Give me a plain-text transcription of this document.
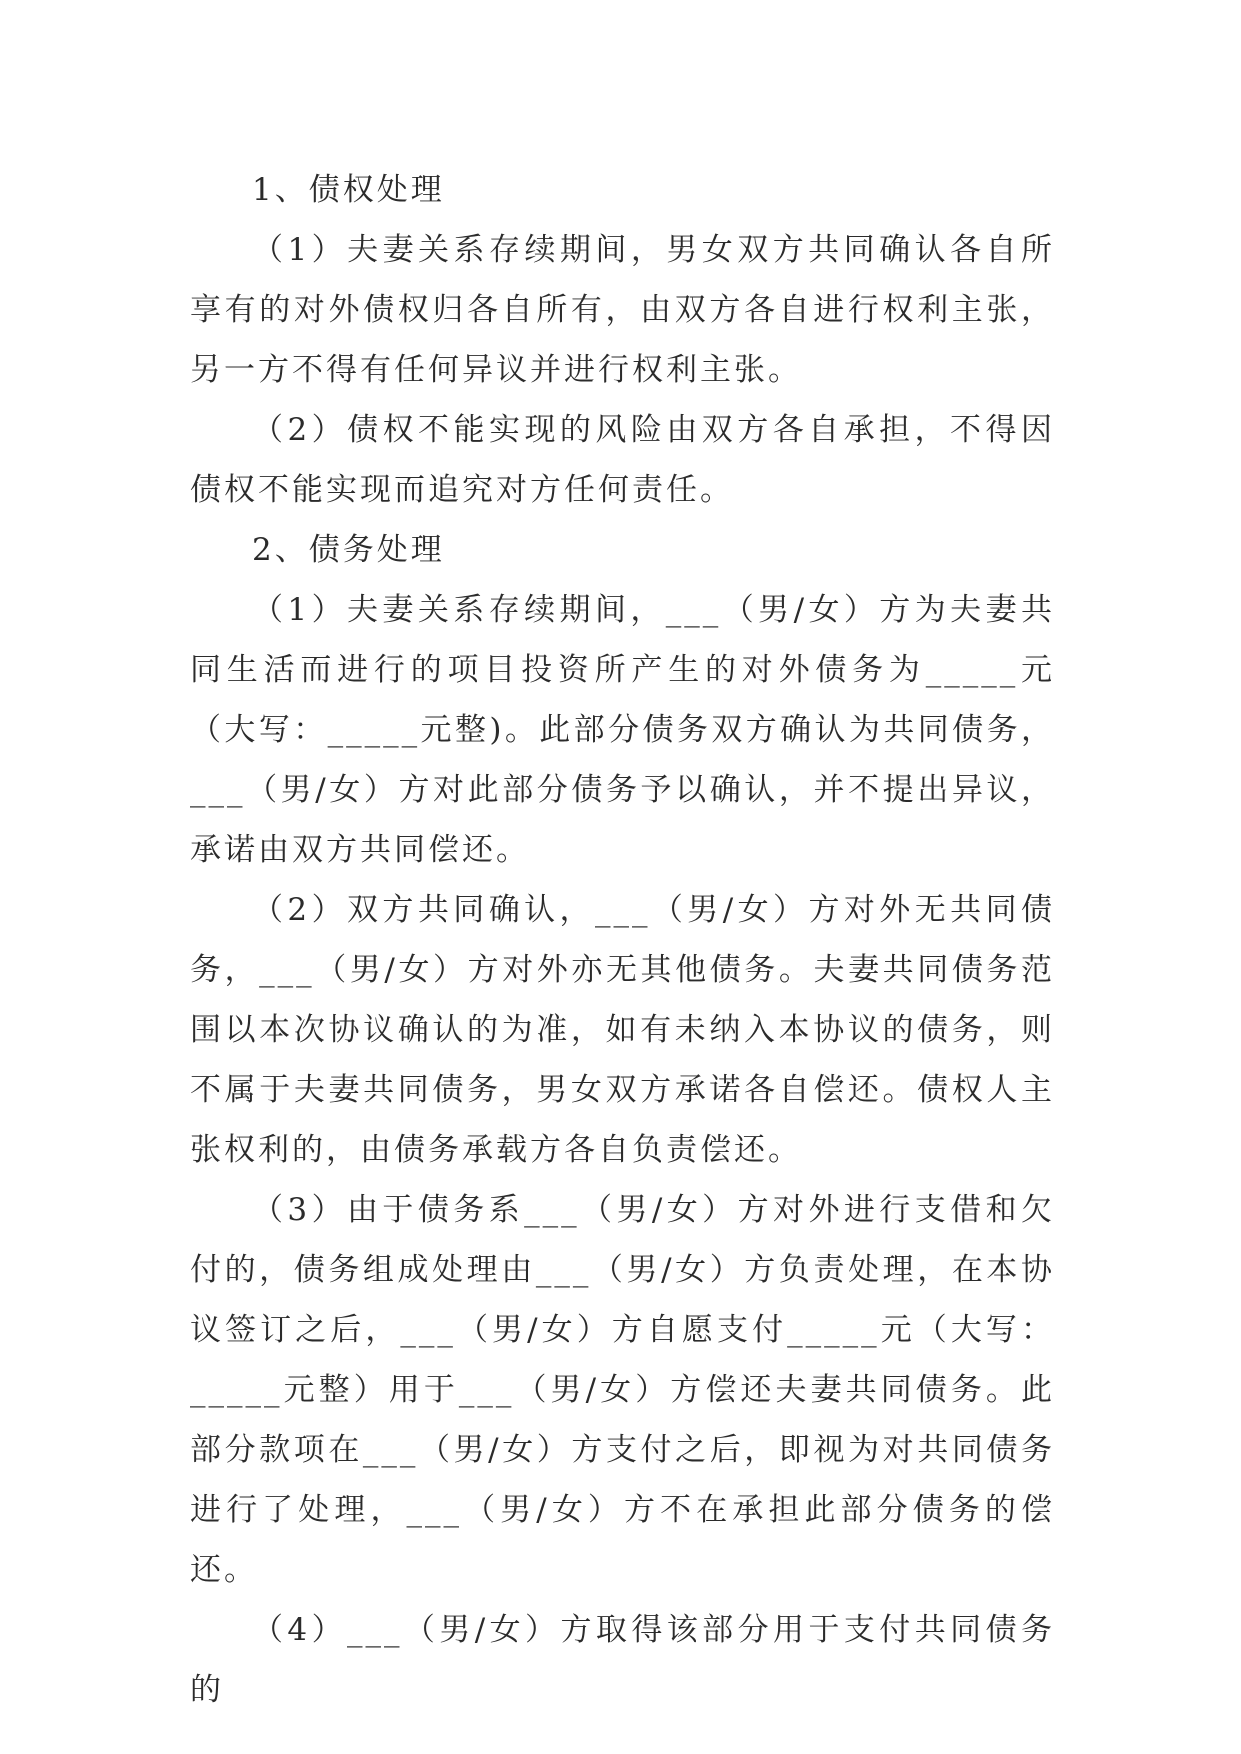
1、债权处理

（1）夫妻关系存续期间，男女双方共同确认各自所享有的对外债权归各自所有，由双方各自进行权利主张，另一方不得有任何异议并进行权利主张。

（2）债权不能实现的风险由双方各自承担，不得因债权不能实现而追究对方任何责任。

2、债务处理

（1）夫妻关系存续期间，___（男/女）方为夫妻共同生活而进行的项目投资所产生的对外债务为_____元（大写：_____元整)。此部分债务双方确认为共同债务，___（男/女）方对此部分债务予以确认，并不提出异议，承诺由双方共同偿还。

（2）双方共同确认，___（男/女）方对外无共同债务，___（男/女）方对外亦无其他债务。夫妻共同债务范围以本次协议确认的为准，如有未纳入本协议的债务，则不属于夫妻共同债务，男女双方承诺各自偿还。债权人主张权利的，由债务承载方各自负责偿还。

（3）由于债务系___（男/女）方对外进行支借和欠付的，债务组成处理由___（男/女）方负责处理，在本协议签订之后，___（男/女）方自愿支付_____元（大写：_____元整）用于___（男/女）方偿还夫妻共同债务。此部分款项在___（男/女）方支付之后，即视为对共同债务进行了处理，___（男/女）方不在承担此部分债务的偿还。

（4）___（男/女）方取得该部分用于支付共同债务的
